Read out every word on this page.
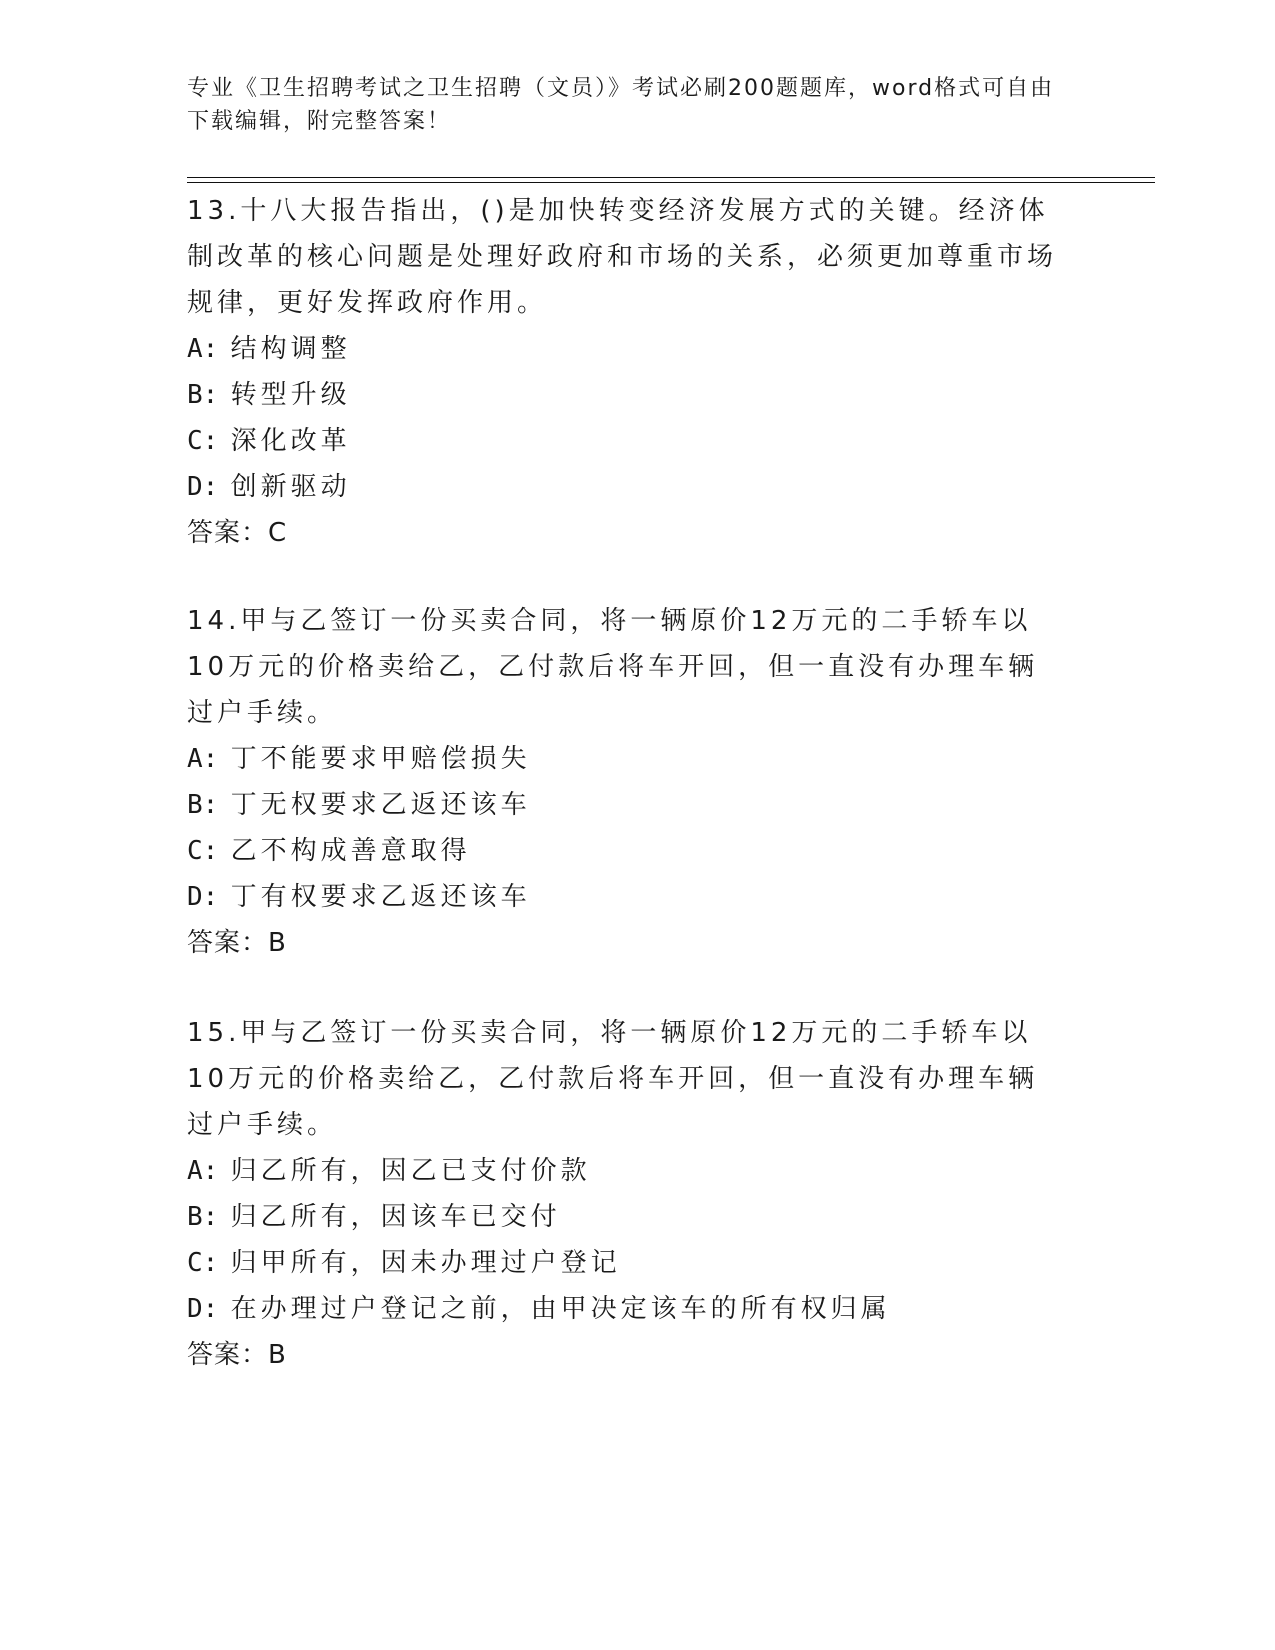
专业《卫生招聘考试之卫生招聘（文员）》考试必刷200题题库，word格式可自由下载编辑，附完整答案！

13.十八大报告指出，()是加快转变经济发展方式的关键。经济体制改革的核心问题是处理好政府和市场的关系，必须更加尊重市场规律，更好发挥政府作用。

A: 结构调整

B: 转型升级

C: 深化改革

D: 创新驱动

答案：C

14.甲与乙签订一份买卖合同，将一辆原价12万元的二手轿车以10万元的价格卖给乙，乙付款后将车开回，但一直没有办理车辆过户手续。

A: 丁不能要求甲赔偿损失

B: 丁无权要求乙返还该车

C: 乙不构成善意取得

D: 丁有权要求乙返还该车

答案：B

15.甲与乙签订一份买卖合同，将一辆原价12万元的二手轿车以10万元的价格卖给乙，乙付款后将车开回，但一直没有办理车辆过户手续。

A: 归乙所有，因乙已支付价款

B: 归乙所有，因该车已交付

C: 归甲所有，因未办理过户登记

D: 在办理过户登记之前，由甲决定该车的所有权归属

答案：B
